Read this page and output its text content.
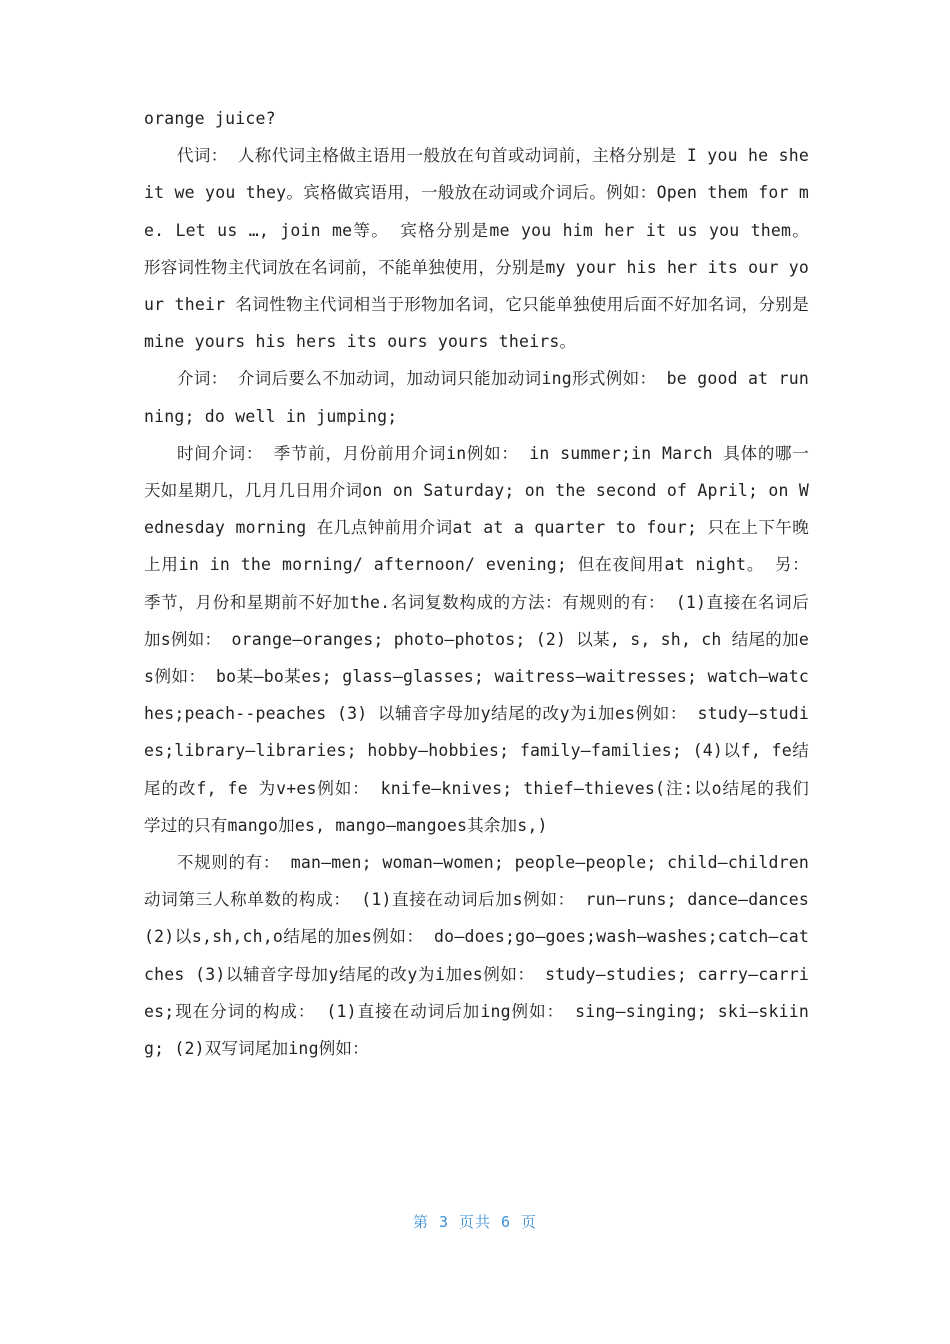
orange juice?

代词： 人称代词主格做主语用一般放在句首或动词前，主格分别是 I you he she it we you they。宾格做宾语用，一般放在动词或介词后。例如：Open them for me. Let us …, join me等。 宾格分别是me you him her it us you them。 形容词性物主代词放在名词前，不能单独使用，分别是my your his her its our your their 名词性物主代词相当于形物加名词，它只能单独使用后面不好加名词，分别是mine yours his hers its ours yours theirs。

介词： 介词后要么不加动词，加动词只能加动词ing形式例如： be good at running; do well in jumping;

时间介词： 季节前，月份前用介词in例如： in summer;in March 具体的哪一天如星期几，几月几日用介词on on Saturday; on the second of April; on Wednesday morning 在几点钟前用介词at at a quarter to four; 只在上下午晚上用in in the morning/ afternoon/ evening; 但在夜间用at night。 另：季节，月份和星期前不好加the.名词复数构成的方法：有规则的有： (1)直接在名词后加s例如： orange—oranges; photo—photos; (2) 以某, s, sh, ch 结尾的加es例如： bo某—bo某es; glass—glasses; waitress—waitresses; watch—watches;peach--peaches (3) 以辅音字母加y结尾的改y为i加es例如： study—studies;library—libraries; hobby—hobbies; family—families; (4)以f, fe结尾的改f, fe 为v+es例如： knife—knives; thief—thieves(注:以o结尾的我们学过的只有mango加es, mango—mangoes其余加s,)

不规则的有： man—men; woman—women; people—people; child—children动词第三人称单数的构成： (1)直接在动词后加s例如： run—runs; dance—dances (2)以s,sh,ch,o结尾的加es例如： do—does;go—goes;wash—washes;catch—catches (3)以辅音字母加y结尾的改y为i加es例如： study—studies; carry—carries;现在分词的构成： (1)直接在动词后加ing例如： sing—singing; ski—skiing; (2)双写词尾加ing例如：

第 3 页共 6 页
